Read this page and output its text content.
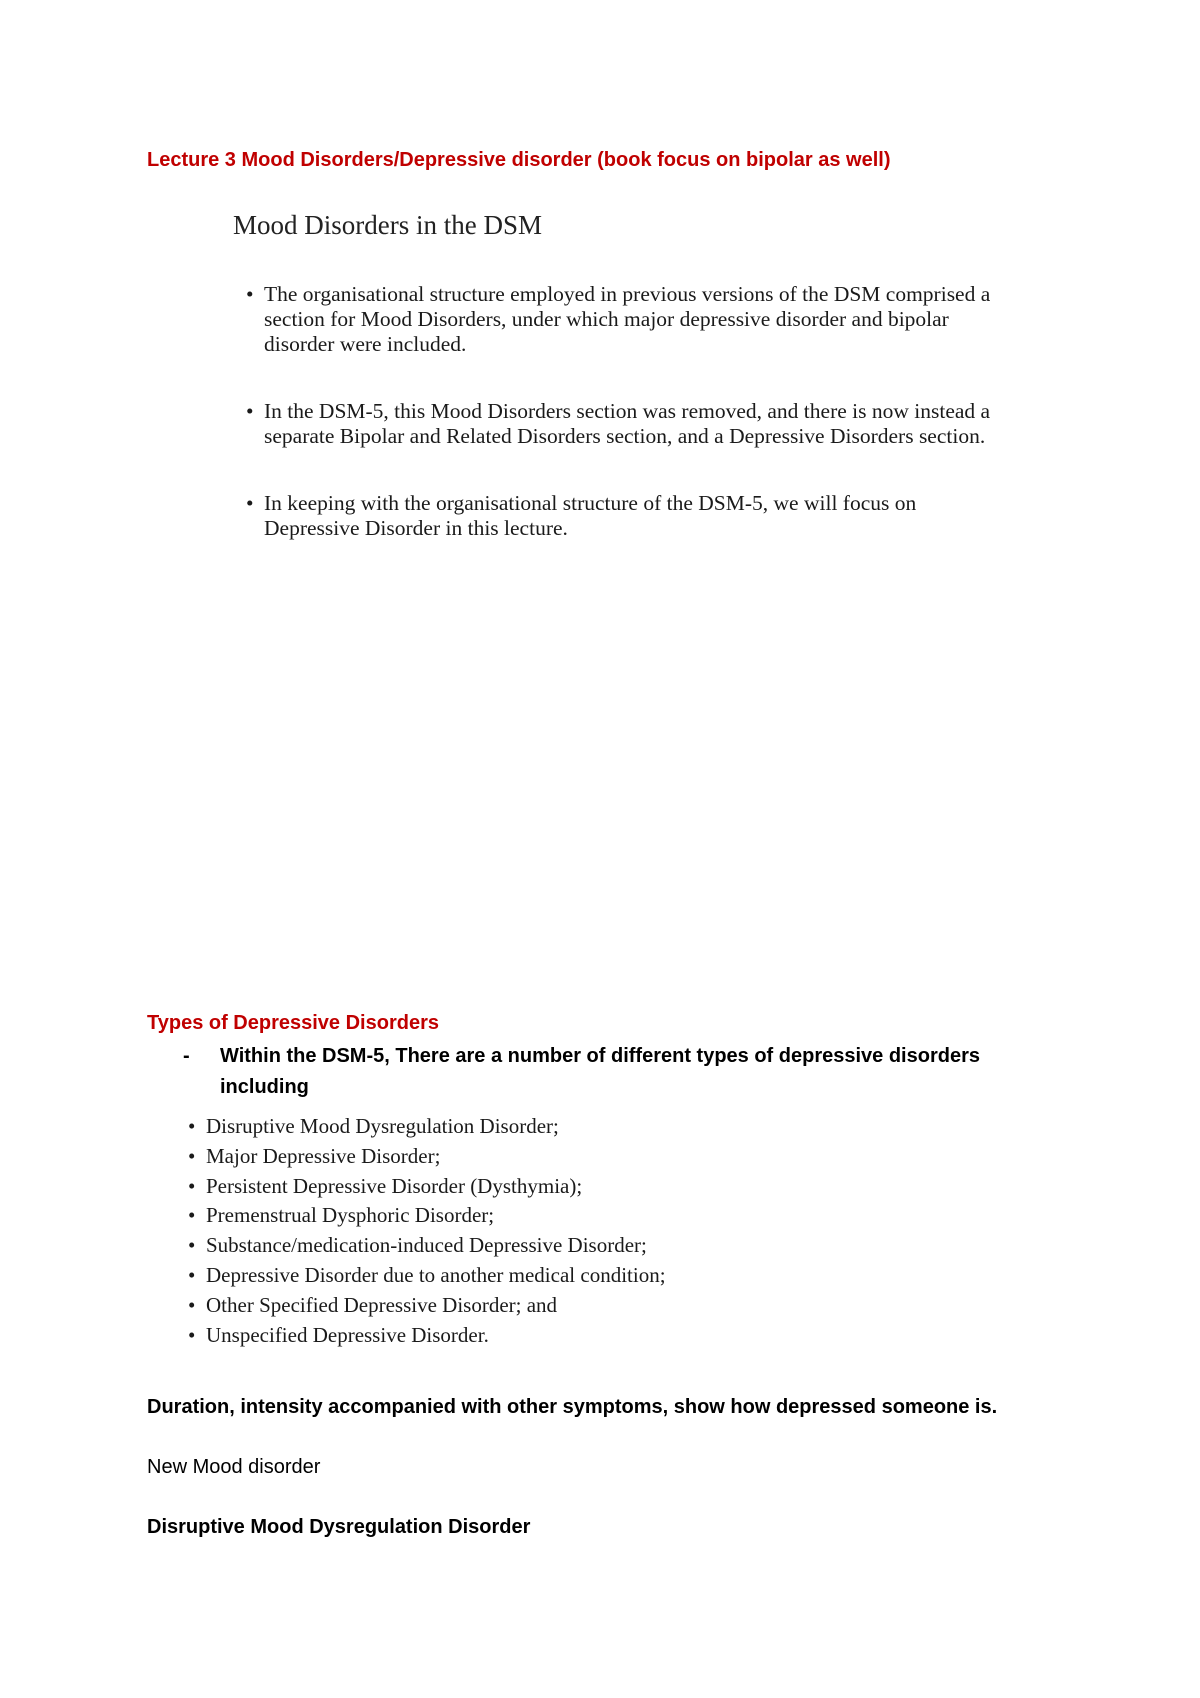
Lecture 3 Mood Disorders/Depressive disorder (book focus on bipolar as well)
Mood Disorders in the DSM
• The organisational structure employed in previous versions of the DSM comprised a section for Mood Disorders, under which major depressive disorder and bipolar disorder were included.
• In the DSM-5, this Mood Disorders section was removed, and there is now instead a separate Bipolar and Related Disorders section, and a Depressive Disorders section.
• In keeping with the organisational structure of the DSM-5, we will focus on Depressive Disorder in this lecture.
Types of Depressive Disorders
- Within the DSM-5, There are a number of different types of depressive disorders including
• Disruptive Mood Dysregulation Disorder;
• Major Depressive Disorder;
• Persistent Depressive Disorder (Dysthymia);
• Premenstrual Dysphoric Disorder;
• Substance/medication-induced Depressive Disorder;
• Depressive Disorder due to another medical condition;
• Other Specified Depressive Disorder; and
• Unspecified Depressive Disorder.
Duration, intensity accompanied with other symptoms, show how depressed someone is.
New Mood disorder
Disruptive Mood Dysregulation Disorder
